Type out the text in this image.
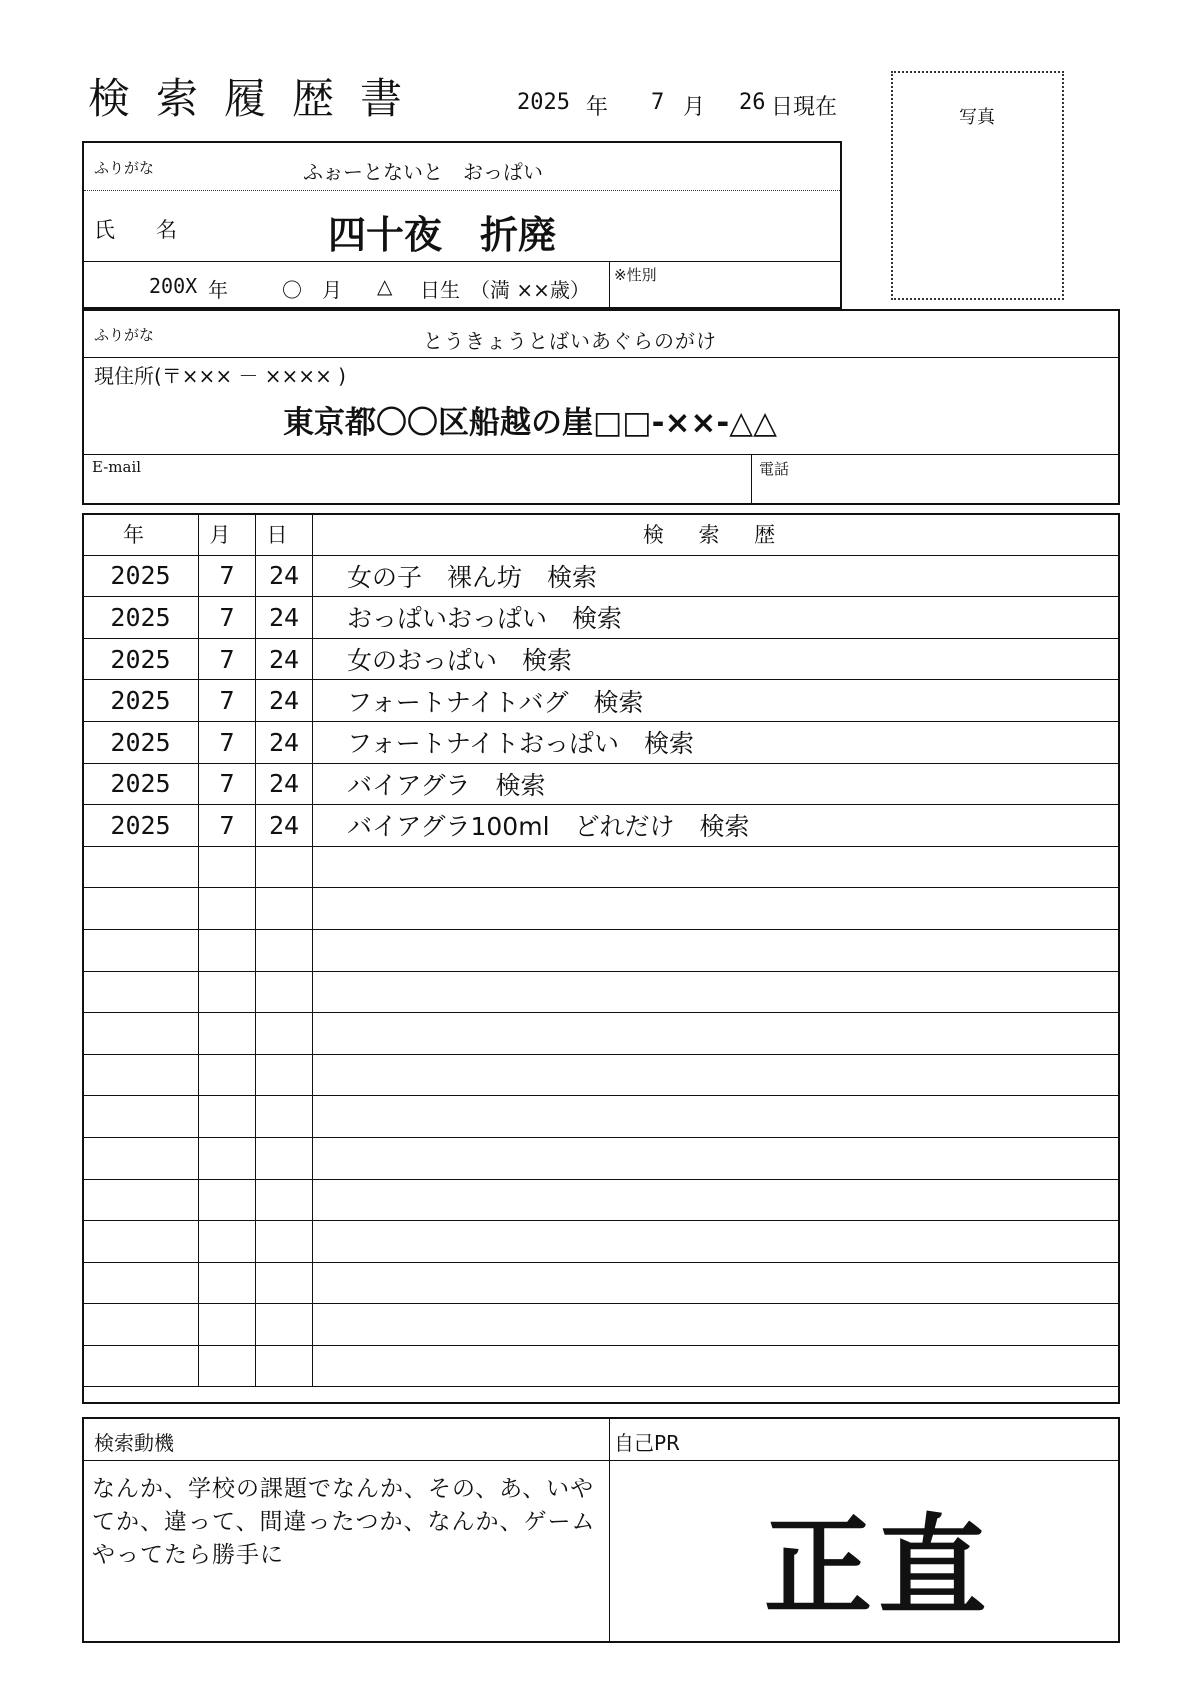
検索履歴書	2025 年 7 月 26 日現在	写真
ふりがな	ふぉーとないと　おっぱい
氏　名	四十夜　折廃
200X 年	〇 月 △ 日生 （満 ××歳）
※性別
ふりがな	とうきょうとばいあぐらのがけ
現住所(〒××× － ×××× )
東京都〇〇区船越の崖□□-××-△△
E-mail	電話
年	月	日	検 索 歴
2025	7	24	女の子　裸ん坊　検索
2025	7	24	おっぱいおっぱい　検索
2025	7	24	女のおっぱい　検索
2025	7	24	フォートナイトバグ　検索
2025	7	24	フォートナイトおっぱい　検索
2025	7	24	バイアグラ　検索
2025	7	24	バイアグラ100ml　どれだけ　検索

検索動機	自己PR
なんか、学校の課題でなんか、その、あ、いやてか、違って、間違ったつか、なんか、ゲームやってたら勝手に	正直
